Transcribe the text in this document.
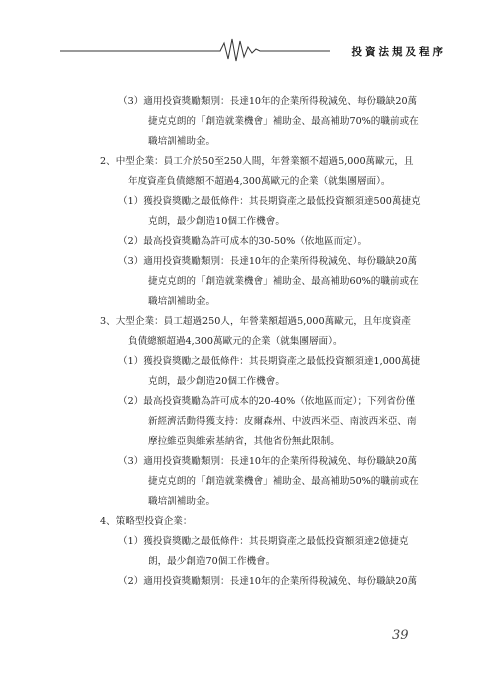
投資法規及程序
（3）適用投資獎勵類別：長達10年的企業所得稅減免、每份職缺20萬
捷克克朗的「創造就業機會」補助金、最高補助70%的職前或在
職培訓補助金。
2、中型企業：員工介於50至250人間，年營業額不超過5,000萬歐元，且
年度資產負債總額不超過4,300萬歐元的企業（就集團層面）。
（1）獲投資獎勵之最低條件：其長期資產之最低投資額須達500萬捷克
克朗，最少創造10個工作機會。
（2）最高投資獎勵為許可成本的30-50%（依地區而定）。
（3）適用投資獎勵類別：長達10年的企業所得稅減免、每份職缺20萬
捷克克朗的「創造就業機會」補助金、最高補助60%的職前或在
職培訓補助金。
3、大型企業：員工超過250人，年營業額超過5,000萬歐元，且年度資產
負債總額超過4,300萬歐元的企業（就集團層面）。
（1）獲投資獎勵之最低條件：其長期資產之最低投資額須達1,000萬捷
克朗，最少創造20個工作機會。
（2）最高投資獎勵為許可成本的20-40%（依地區而定）；下列省份僅
新經濟活動得獲支持：皮爾森州、中波西米亞、南波西米亞、南
摩拉維亞與維索基納省，其他省份無此限制。
（3）適用投資獎勵類別：長達10年的企業所得稅減免、每份職缺20萬
捷克克朗的「創造就業機會」補助金、最高補助50%的職前或在
職培訓補助金。
4、策略型投資企業：
（1）獲投資獎勵之最低條件：其長期資產之最低投資額須達2億捷克
朗，最少創造70個工作機會。
（2）適用投資獎勵類別：長達10年的企業所得稅減免、每份職缺20萬
39
